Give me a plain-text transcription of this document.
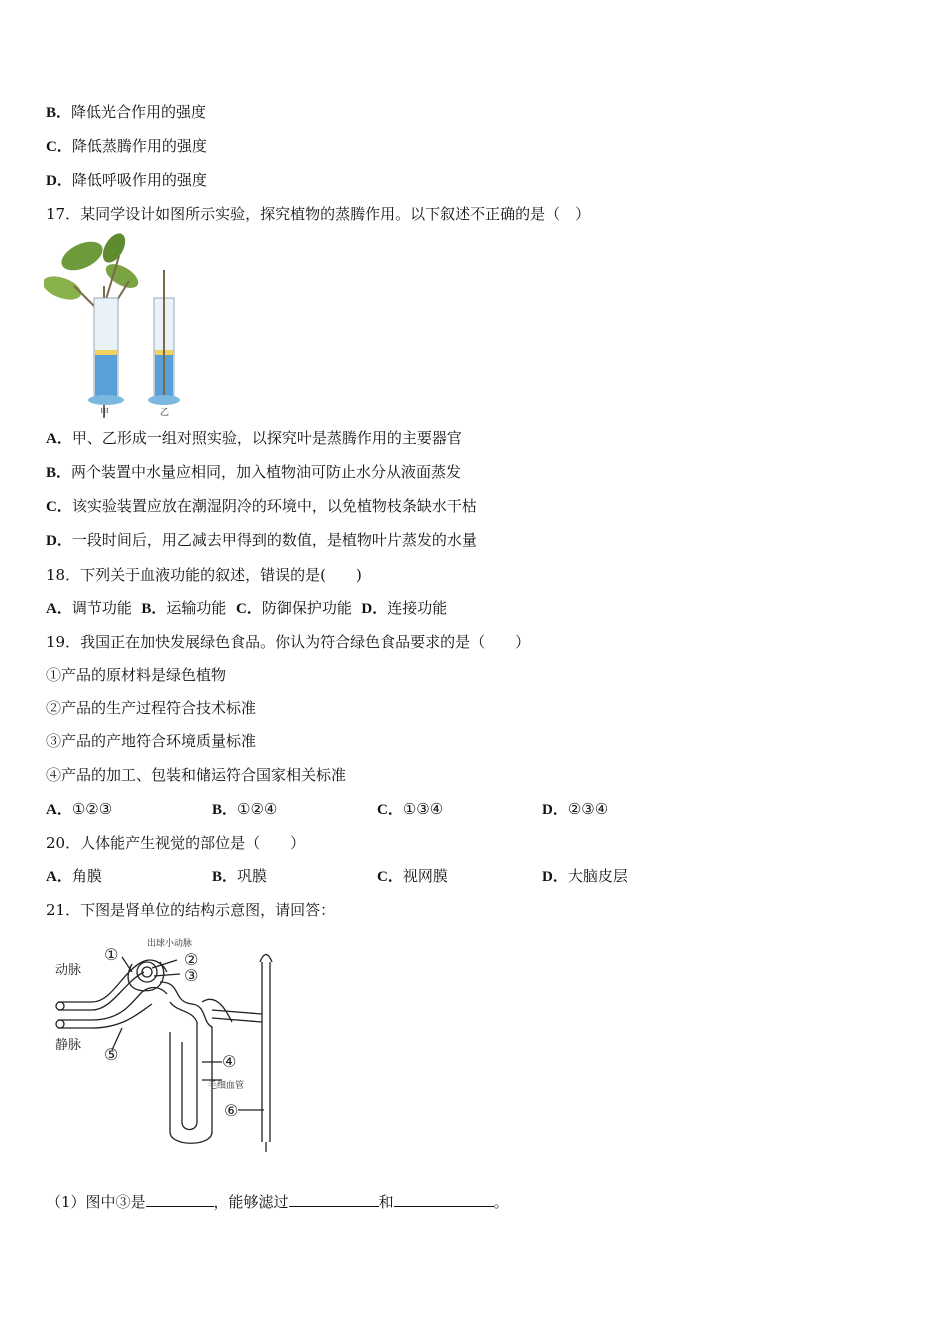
B．降低光合作用的强度
C．降低蒸腾作用的强度
D．降低呼吸作用的强度
17．某同学设计如图所示实验，探究植物的蒸腾作用。以下叙述不正确的是（　）
甲	乙
A．甲、乙形成一组对照实验，以探究叶是蒸腾作用的主要器官
B．两个装置中水量应相同，加入植物油可防止水分从液面蒸发
C．该实验装置应放在潮湿阴冷的环境中，以免植物枝条缺水干枯
D．一段时间后，用乙减去甲得到的数值，是植物叶片蒸发的水量
18．下列关于血液功能的叙述，错误的是(　　)
A．调节功能 B．运输功能 C．防御保护功能 D．连接功能
19．我国正在加快发展绿色食品。你认为符合绿色食品要求的是（　　）
①产品的原材料是绿色植物
②产品的生产过程符合技术标准
③产品的产地符合环境质量标准
④产品的加工、包装和储运符合国家相关标准
A．①②③	B．①②④	C．①③④	D．②③④
20．人体能产生视觉的部位是（　　）
A．角膜	B．巩膜	C．视网膜	D．大脑皮层
21．下图是肾单位的结构示意图，请回答：
动脉
静脉
出球小动脉
毛细血管
①	②
③
④
⑤
⑥
（1）图中③是	，能够滤过	和	。
